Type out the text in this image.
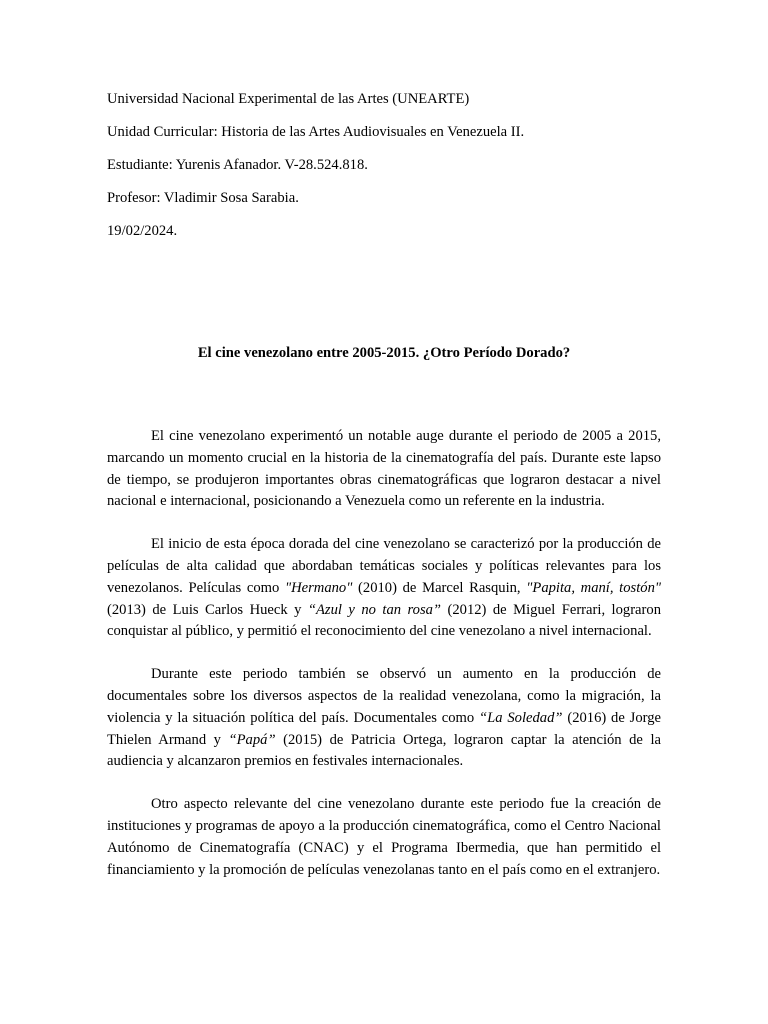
Universidad Nacional Experimental de las Artes (UNEARTE)

Unidad Curricular: Historia de las Artes Audiovisuales en Venezuela II.

Estudiante: Yurenis Afanador. V-28.524.818.

Profesor: Vladimir Sosa Sarabia.

19/02/2024.

El cine venezolano entre 2005-2015. ¿Otro Período Dorado?

El cine venezolano experimentó un notable auge durante el periodo de 2005 a 2015, marcando un momento crucial en la historia de la cinematografía del país. Durante este lapso de tiempo, se produjeron importantes obras cinematográficas que lograron destacar a nivel nacional e internacional, posicionando a Venezuela como un referente en la industria.

El inicio de esta época dorada del cine venezolano se caracterizó por la producción de películas de alta calidad que abordaban temáticas sociales y políticas relevantes para los venezolanos. Películas como "Hermano" (2010) de Marcel Rasquin, "Papita, maní, tostón" (2013) de Luis Carlos Hueck y “Azul y no tan rosa” (2012) de Miguel Ferrari, lograron conquistar al público, y permitió el reconocimiento del cine venezolano a nivel internacional.

Durante este periodo también se observó un aumento en la producción de documentales sobre los diversos aspectos de la realidad venezolana, como la migración, la violencia y la situación política del país. Documentales como “La Soledad” (2016) de Jorge Thielen Armand y “Papá” (2015) de Patricia Ortega, lograron captar la atención de la audiencia y alcanzaron premios en festivales internacionales.

Otro aspecto relevante del cine venezolano durante este periodo fue la creación de instituciones y programas de apoyo a la producción cinematográfica, como el Centro Nacional Autónomo de Cinematografía (CNAC) y el Programa Ibermedia, que han permitido el financiamiento y la promoción de películas venezolanas tanto en el país como en el extranjero.
